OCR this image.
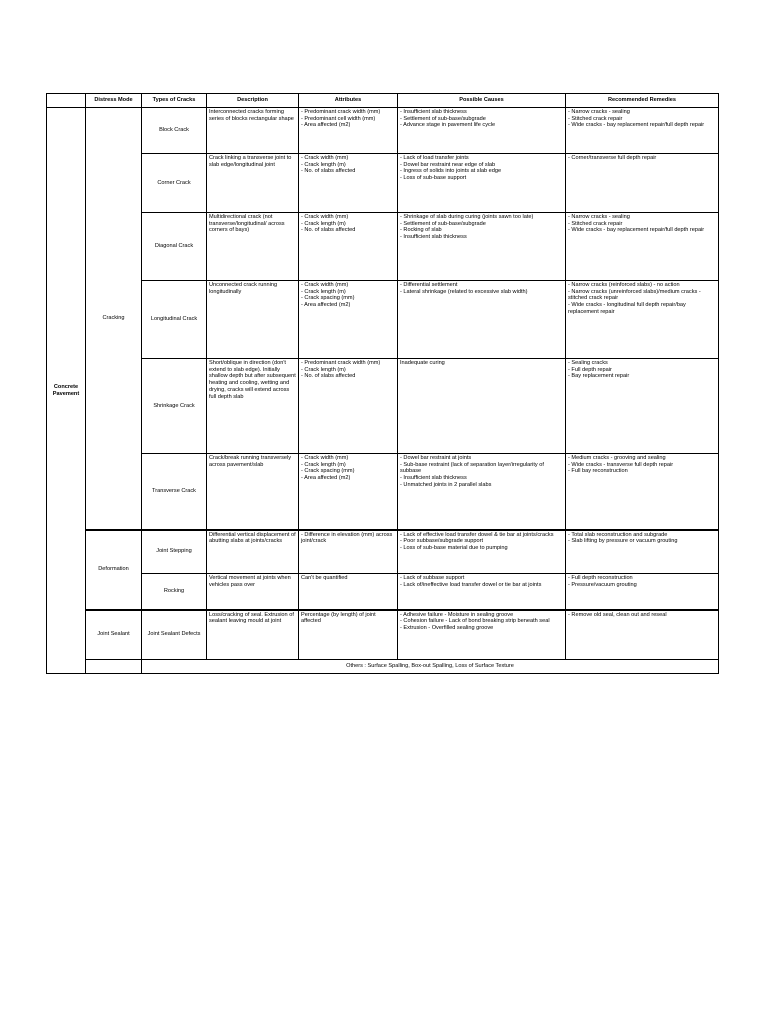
	Distress Mode	Types of Cracks	Description	Attributes	Possible Causes	Recommended Remedies
Concrete Pavement	Cracking	Block Crack	Interconnected cracks forming series of blocks rectangular shape	- Predominant crack width (mm)
- Predominant cell width (mm)
- Area affected (m2)	- Insufficient slab thickness
- Settlement of sub-base/subgrade
- Advance stage in pavement life cycle	- Narrow cracks - sealing
- Stitched crack repair
- Wide cracks - bay replacement repair/full depth repair

		Corner Crack	Crack linking a transverse joint to slab edge/longitudinal joint	- Crack width (mm)
- Crack length (m)
- No. of slabs affected	- Lack of load transfer joints
- Dowel bar restraint near edge of slab
- Ingress of solids into joints at slab edge
- Loss of sub-base support	- Corner/transverse full depth repair

		Diagonal Crack	Multidirectional crack (not transverse/longitudinal/ across corners of bays)	- Crack width (mm)
- Crack length (m)
- No. of slabs affected	- Shrinkage of slab during curing (joints sawn too late)
- Settlement of sub-base/subgrade
- Rocking of slab
- Insufficient slab thickness	- Narrow cracks - sealing
- Stitched crack repair
- Wide cracks - bay replacement repair/full depth repair

		Longitudinal Crack	Unconnected crack running longitudinally	- Crack width (mm)
- Crack length (m)
- Crack spacing (mm)
- Area affected (m2)	- Differential settlement
- Lateral shrinkage (related to excessive slab width)	- Narrow cracks (reinforced slabs) - no action
- Narrow cracks (unreinforced slabs)/medium cracks - stitched crack repair
- Wide cracks - longitudinal full depth repair/bay replacement repair

		Shrinkage Crack	Short/oblique in direction (don't extend to slab edge). Initially shallow depth but after subsequent heating and cooling, wetting and drying, cracks will extend across full depth slab	- Predominant crack width (mm)
- Crack length (m)
- No. of slabs affected	Inadequate curing	- Sealing cracks
- Full depth repair
- Bay replacement repair

		Transverse Crack	Crack/break running transversely across pavement/slab	- Crack width (mm)
- Crack length (m)
- Crack spacing (mm)
- Area affected (m2)	- Dowel bar restraint at joints
- Sub-base restraint (lack of separation layer/irregularity of subbase
- Insufficient slab thickness
- Unmatched joints in 2 parallel slabs	- Medium cracks - grooving and sealing
- Wide cracks - transverse full depth repair
- Full bay reconstruction

	Deformation	Joint Stepping	Differential vertical displacement of abutting slabs at joints/cracks	- Difference in elevation (mm) across joint/crack	- Lack of effective load transfer dowel & tie bar at joints/cracks
- Poor subbase/subgrade support
- Loss of sub-base material due to pumping	- Total slab reconstruction and subgrade
- Slab lifting by pressure or vacuum grouting

		Rocking	Vertical movement at joints when vehicles pass over	Can't be quantified	- Lack of subbase support
- Lack of/ineffective load transfer dowel or tie bar at joints	- Full depth reconstruction
- Pressure/vacuum grouting

	Joint Sealant	Joint Sealant Defects	Loss/cracking of seal. Extrusion of sealant leaving mould at joint	Percentage (by length) of joint affected	- Adhesive failure - Moisture in sealing groove
- Cohesion failure - Lack of bond breaking strip beneath seal
- Extrusion - Overfilled sealing groove	- Remove old seal, clean out and reseal

		Others : Surface Spalling, Box-out Spalling, Loss of Surface Texture				
